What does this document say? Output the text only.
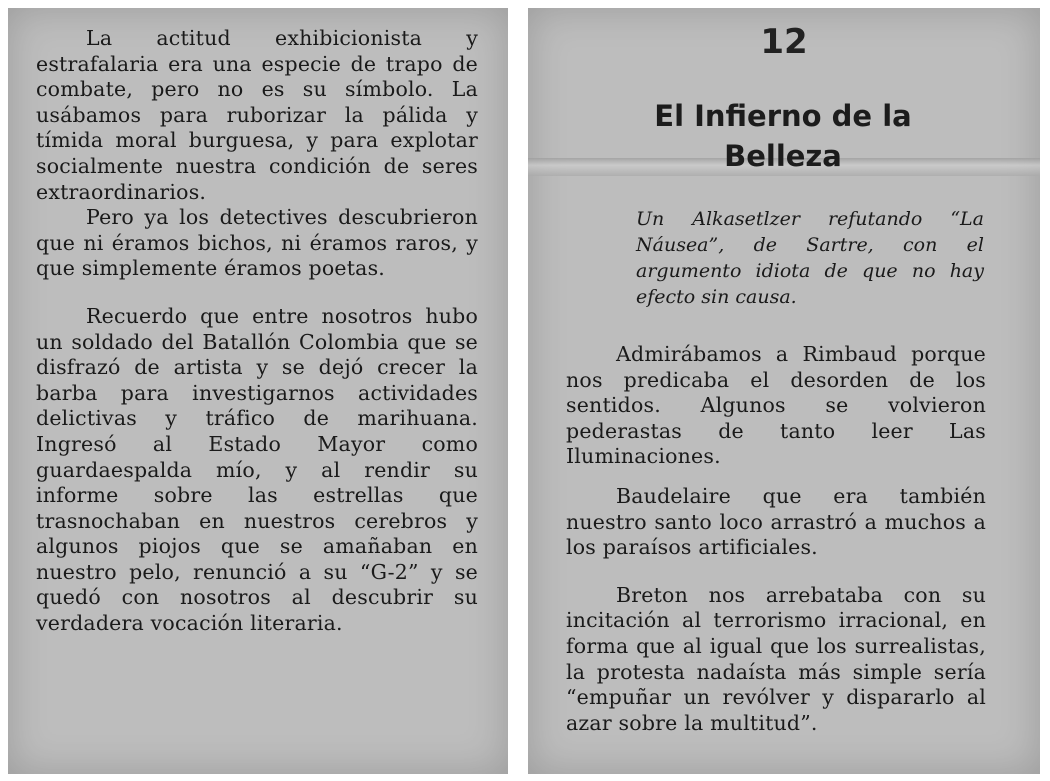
La actitud exhibicionista y estrafalaria era una especie de trapo de combate, pero no es su símbolo. La usábamos para ruborizar la pálida y tímida moral burguesa, y para explotar socialmente nuestra condición de seres extraordinarios.

Pero ya los detectives descubrieron que ni éramos bichos, ni éramos raros, y que simplemente éramos poetas.

Recuerdo que entre nosotros hubo un soldado del Batallón Colombia que se disfrazó de artista y se dejó crecer la barba para investigarnos actividades delictivas y tráfico de marihuana. Ingresó al Estado Mayor como guardaespalda mío, y al rendir su informe sobre las estrellas que trasnochaban en nuestros cerebros y algunos piojos que se amañaban en nuestro pelo, renunció a su “G-2” y se quedó con nosotros al descubrir su verdadera vocación literaria.

12
El Infierno de la Belleza
Un Alkasetlzer refutando “La Náusea”, de Sartre, con el argumento idiota de que no hay efecto sin causa.

Admirábamos a Rimbaud porque nos predicaba el desorden de los sentidos. Algunos se volvieron pederastas de tanto leer Las Iluminaciones.

Baudelaire que era también nuestro santo loco arrastró a muchos a los paraísos artificiales.

Breton nos arrebataba con su incitación al terrorismo irracional, en forma que al igual que los surrealistas, la protesta nadaísta más simple sería “empuñar un revólver y dispararlo al azar sobre la multitud”.
